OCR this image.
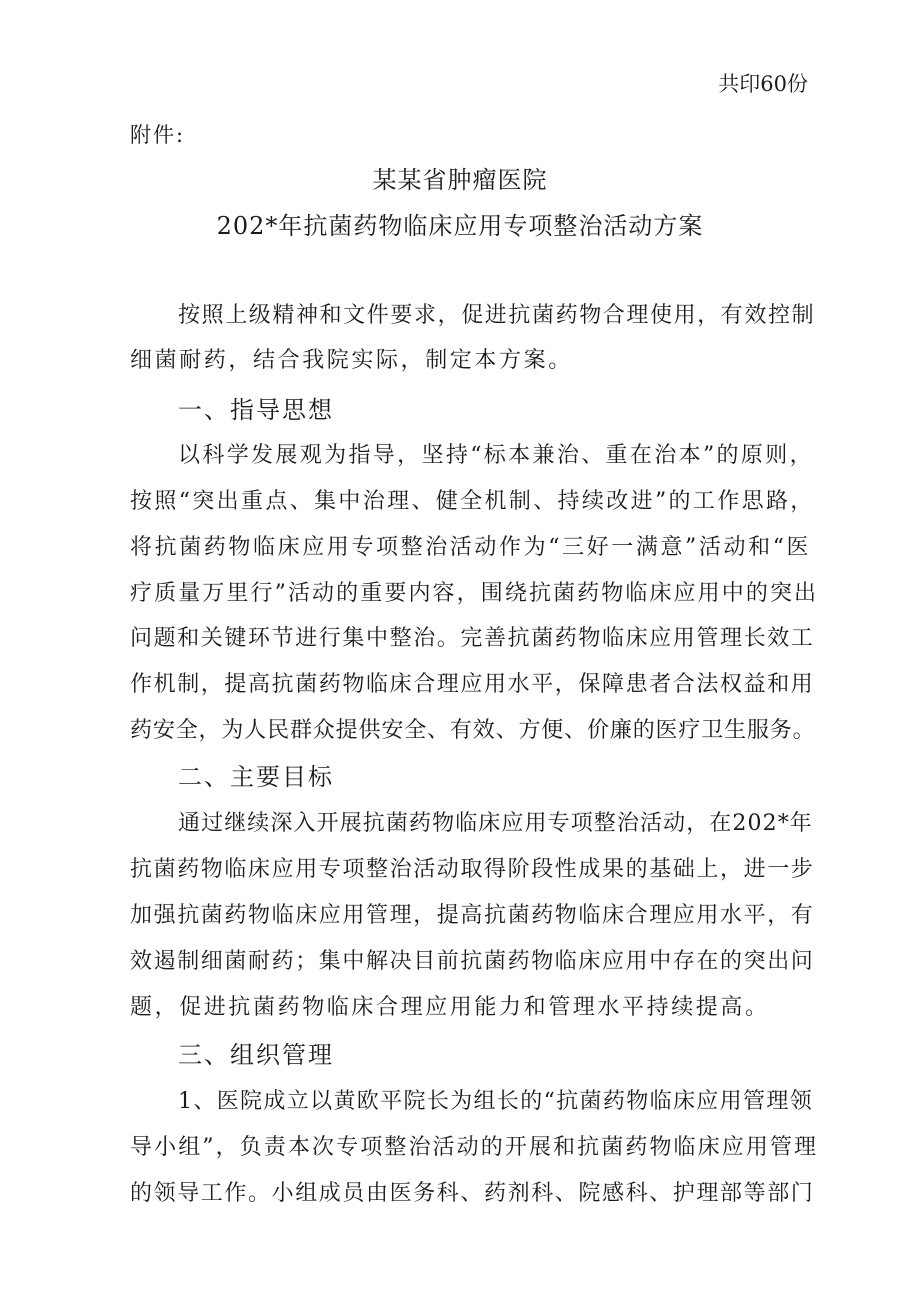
共印60份
附件:
某某省肿瘤医院
202*年抗菌药物临床应用专项整治活动方案
按照上级精神和文件要求，促进抗菌药物合理使用，有效控制
细菌耐药，结合我院实际，制定本方案。
一、指导思想
以科学发展观为指导，坚持“标本兼治、重在治本”的原则，
按照“突出重点、集中治理、健全机制、持续改进”的工作思路，
将抗菌药物临床应用专项整治活动作为“三好一满意”活动和“医
疗质量万里行”活动的重要内容，围绕抗菌药物临床应用中的突出
问题和关键环节进行集中整治。完善抗菌药物临床应用管理长效工
作机制，提高抗菌药物临床合理应用水平，保障患者合法权益和用
药安全，为人民群众提供安全、有效、方便、价廉的医疗卫生服务。
二、主要目标
通过继续深入开展抗菌药物临床应用专项整治活动，在202*年
抗菌药物临床应用专项整治活动取得阶段性成果的基础上，进一步
加强抗菌药物临床应用管理，提高抗菌药物临床合理应用水平，有
效遏制细菌耐药；集中解决目前抗菌药物临床应用中存在的突出问
题，促进抗菌药物临床合理应用能力和管理水平持续提高。
三、组织管理
1、医院成立以黄欧平院长为组长的“抗菌药物临床应用管理领
导小组”，负责本次专项整治活动的开展和抗菌药物临床应用管理
的领导工作。小组成员由医务科、药剂科、院感科、护理部等部门
